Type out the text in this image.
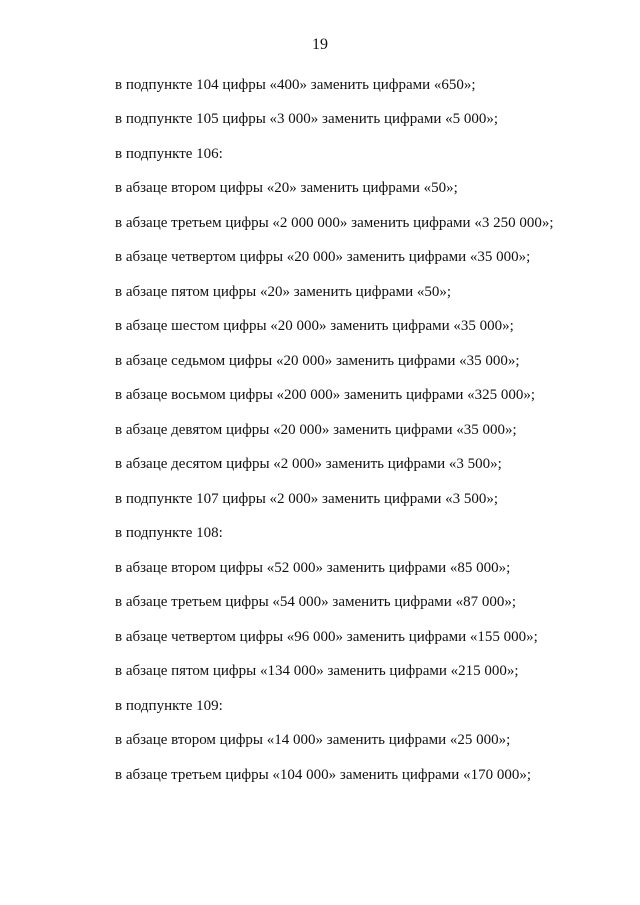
19
в подпункте 104 цифры «400» заменить цифрами «650»;
в подпункте 105 цифры «3 000» заменить цифрами «5 000»;
в подпункте 106:
в абзаце втором цифры «20» заменить цифрами «50»;
в абзаце третьем цифры «2 000 000» заменить цифрами «3 250 000»;
в абзаце четвертом цифры «20 000» заменить цифрами «35 000»;
в абзаце пятом цифры «20» заменить цифрами «50»;
в абзаце шестом цифры «20 000» заменить цифрами «35 000»;
в абзаце седьмом цифры «20 000» заменить цифрами «35 000»;
в абзаце восьмом цифры «200 000» заменить цифрами «325 000»;
в абзаце девятом цифры «20 000» заменить цифрами «35 000»;
в абзаце десятом цифры «2 000» заменить цифрами «3 500»;
в подпункте 107 цифры «2 000» заменить цифрами «3 500»;
в подпункте 108:
в абзаце втором цифры «52 000» заменить цифрами «85 000»;
в абзаце третьем цифры «54 000» заменить цифрами «87 000»;
в абзаце четвертом цифры «96 000» заменить цифрами «155 000»;
в абзаце пятом цифры «134 000» заменить цифрами «215 000»;
в подпункте 109:
в абзаце втором цифры «14 000» заменить цифрами «25 000»;
в абзаце третьем цифры «104 000» заменить цифрами «170 000»;
